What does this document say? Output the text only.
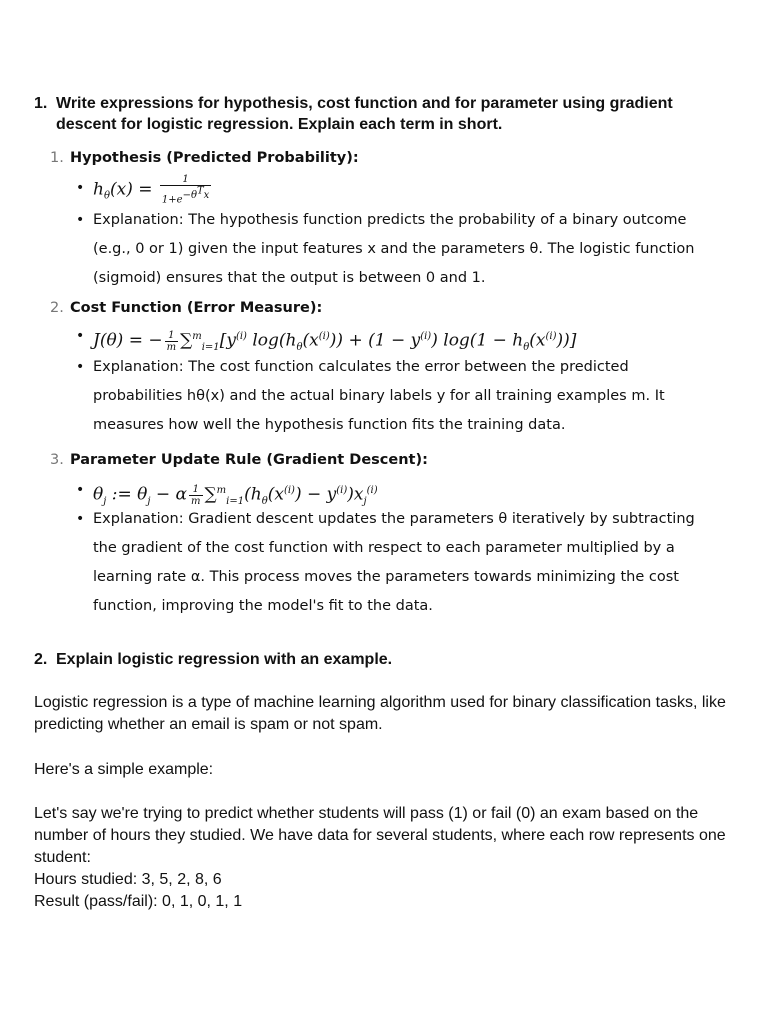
1. Write expressions for hypothesis, cost function and for parameter using gradient
descent for logistic regression. Explain each term in short.
1. Hypothesis (Predicted Probability):
• $h_\theta(x) = \frac{1}{1+e^{-\theta^Tx}}$
• Explanation: The hypothesis function predicts the probability of a binary outcome
(e.g., 0 or 1) given the input features x and the parameters θ. The logistic function
(sigmoid) ensures that the output is between 0 and 1.
2. Cost Function (Error Measure):
• J(θ) = − $\frac{1}{m} \sum^m_{i=1}[y^{(i)}$ $\log(h_\theta(x^{(i)})) + (1 - y^{(i)}) \log(1 - h_\theta(x^{(i)}))$]
• Explanation: The cost function calculates the error between the predicted
probabilities hθ(x) and the actual binary labels y for all training examples m. It
measures how well the hypothesis function fits the training data.
3. Parameter Update Rule (Gradient Descent):
• $\theta_j$ := $\theta_j - \alpha \frac{1}{m} \sum^m_{i=1}(h_\theta(x^{(i)}) - y^{(i)})x_j^{(i)}$
• Explanation: Gradient descent updates the parameters θ iteratively by subtracting
the gradient of the cost function with respect to each parameter multiplied by a
learning rate α. This process moves the parameters towards minimizing the cost
function, improving the model's fit to the data.
2. Explain logistic regression with an example.
Logistic regression is a type of machine learning algorithm used for binary classification tasks, like
predicting whether an email is spam or not spam.
Here's a simple example:
Let's say we're trying to predict whether students will pass (1) or fail (0) an exam based on the
number of hours they studied. We have data for several students, where each row represents one
student:
Hours studied: 3, 5, 2, 8, 6
Result (pass/fail): 0, 1, 0, 1, 1
